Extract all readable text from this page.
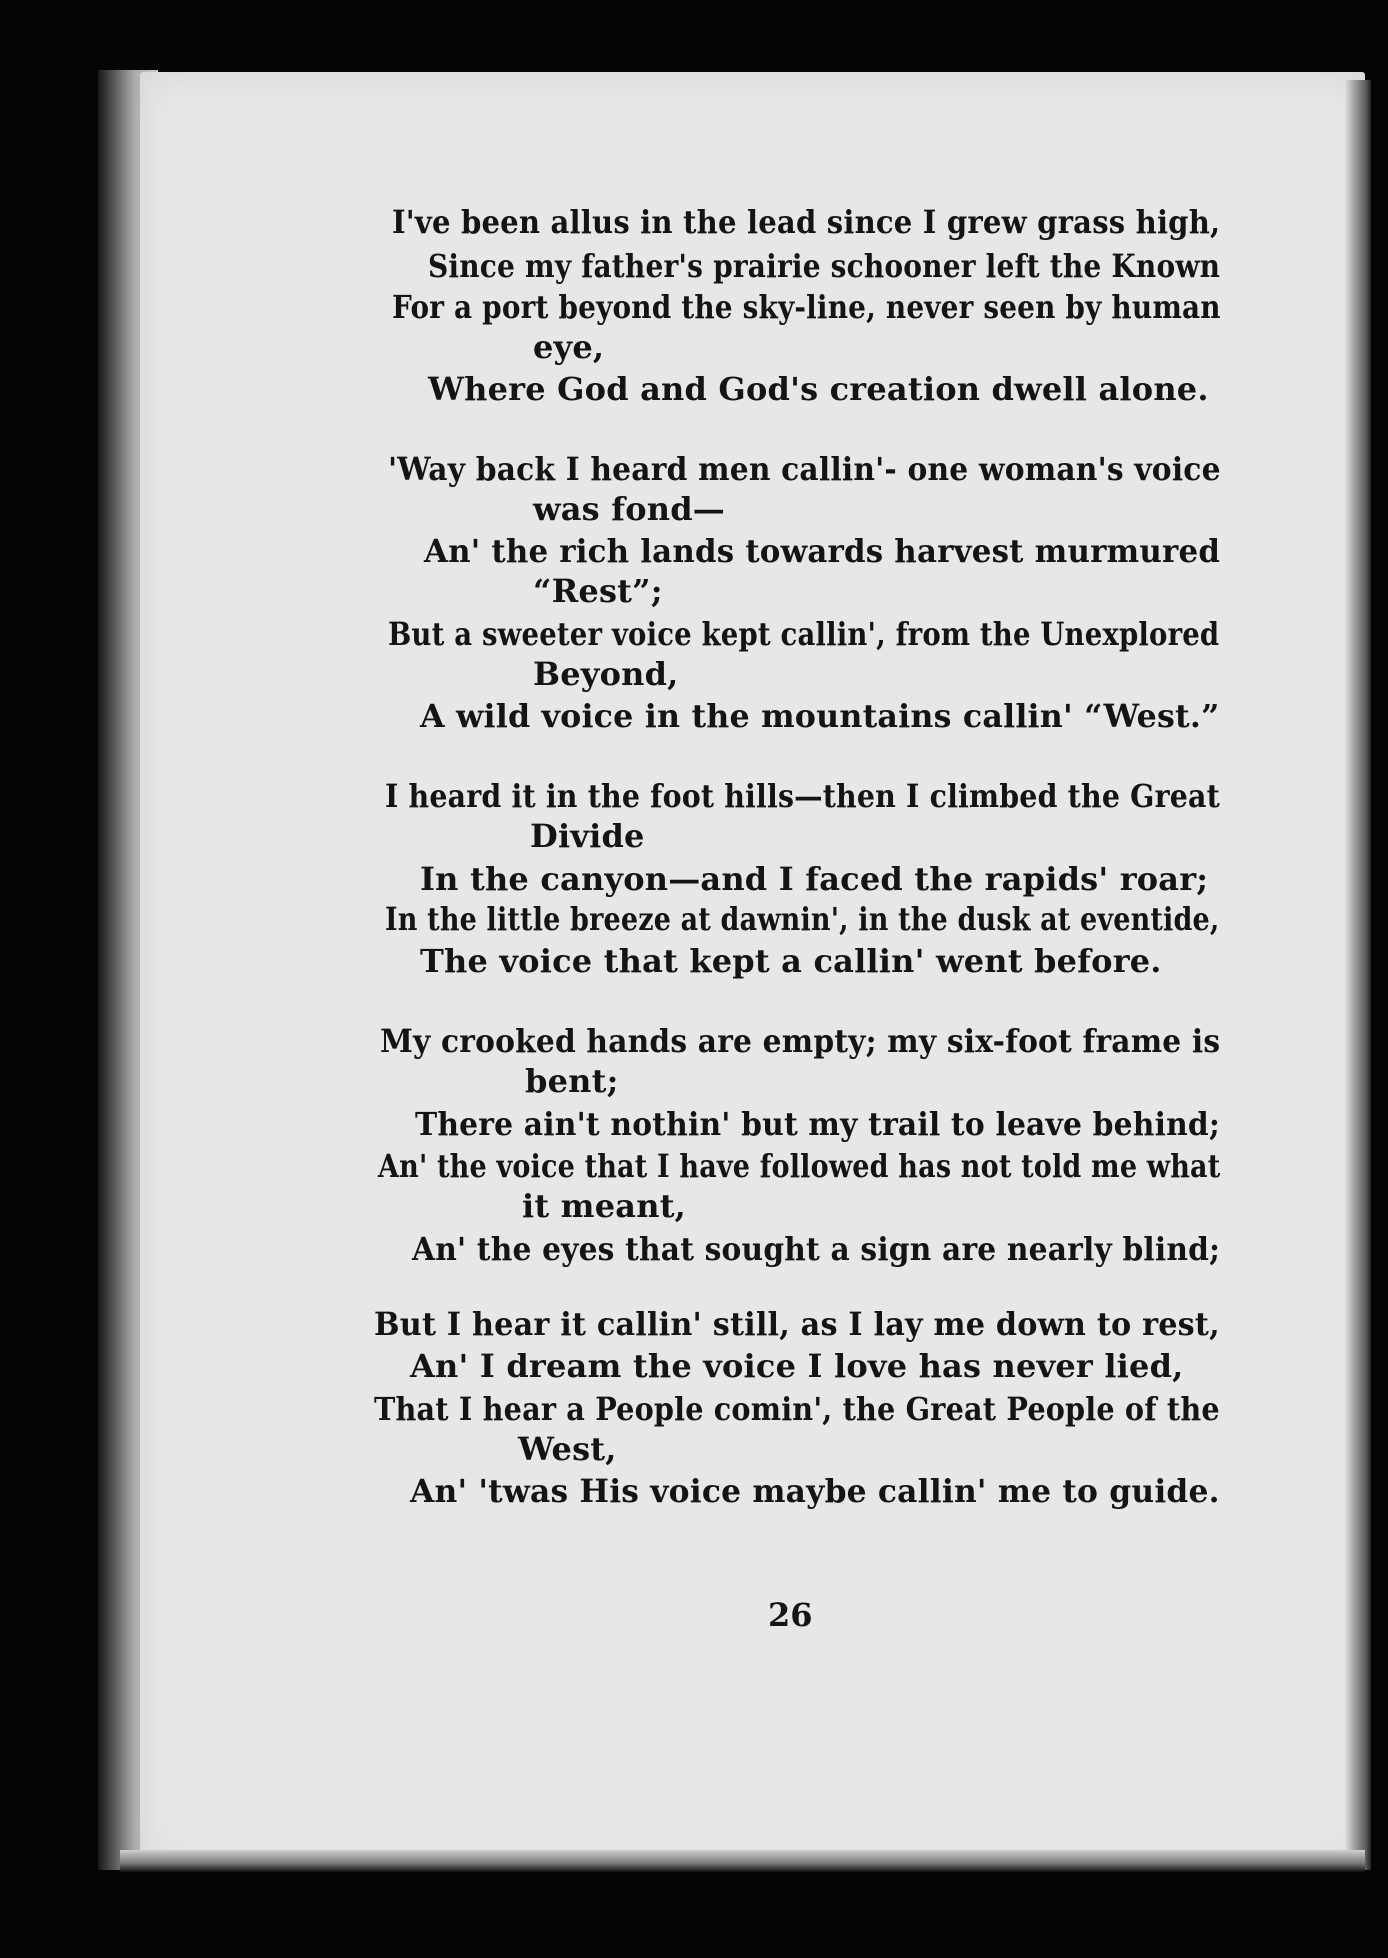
I've been allus in the lead since I grew grass high,
Since my father's prairie schooner left the Known
For a port beyond the sky-line, never seen by human
eye,
Where God and God's creation dwell alone.
'Way back I heard men callin'- one woman's voice
was fond—
An' the rich lands towards harvest murmured
“Rest”;
But a sweeter voice kept callin', from the Unexplored
Beyond,
A wild voice in the mountains callin' “West.”
I heard it in the foot hills—then I climbed the Great
Divide
In the canyon—and I faced the rapids' roar;
In the little breeze at dawnin', in the dusk at eventide,
The voice that kept a callin' went before.
My crooked hands are empty; my six-foot frame is
bent;
There ain't nothin' but my trail to leave behind;
An' the voice that I have followed has not told me what
it meant,
An' the eyes that sought a sign are nearly blind;
But I hear it callin' still, as I lay me down to rest,
An' I dream the voice I love has never lied,
That I hear a People comin', the Great People of the
West,
An' 'twas His voice maybe callin' me to guide.
26
